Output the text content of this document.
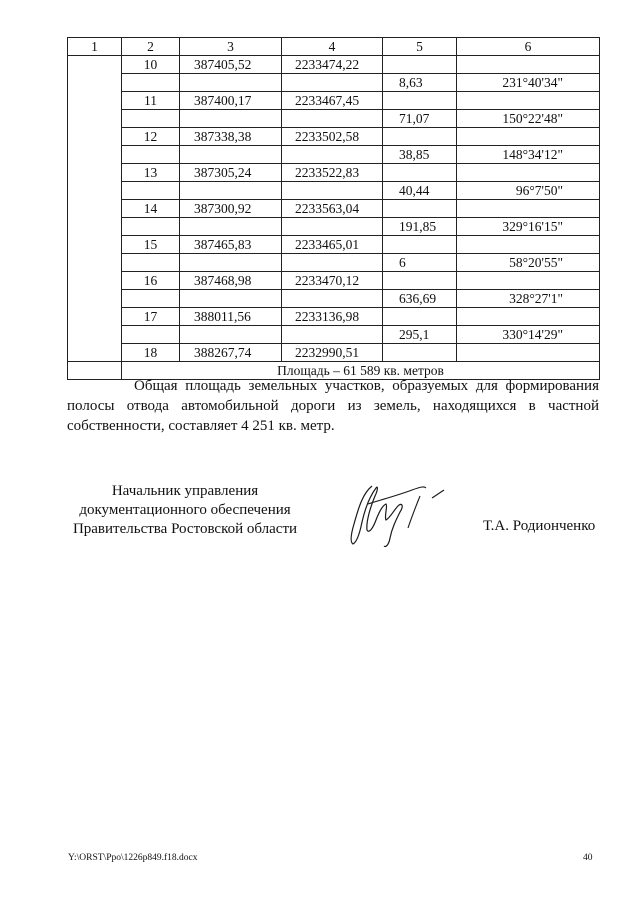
1	2	3	4	5	6
	10	387405,52	2233474,22		
				8,63	231°40'34"
	11	387400,17	2233467,45		
				71,07	150°22'48"
	12	387338,38	2233502,58		
				38,85	148°34'12"
	13	387305,24	2233522,83		
				40,44	96°7'50"
	14	387300,92	2233563,04		
				191,85	329°16'15"
	15	387465,83	2233465,01		
				6	58°20'55"
	16	387468,98	2233470,12		
				636,69	328°27'1"
	17	388011,56	2233136,98		
				295,1	330°14'29"
	18	388267,74	2232990,51		
	Площадь – 61 589 кв. метров				

Общая площадь земельных участков, образуемых для формирования полосы отвода автомобильной дороги из земель, находящихся в частной собственности, составляет 4 251 кв. метр.

Начальник управления
документационного обеспечения
Правительства Ростовской области	Т.А. Родионченко
Y:\ORST\Ppo\1226p849.f18.docx	40
